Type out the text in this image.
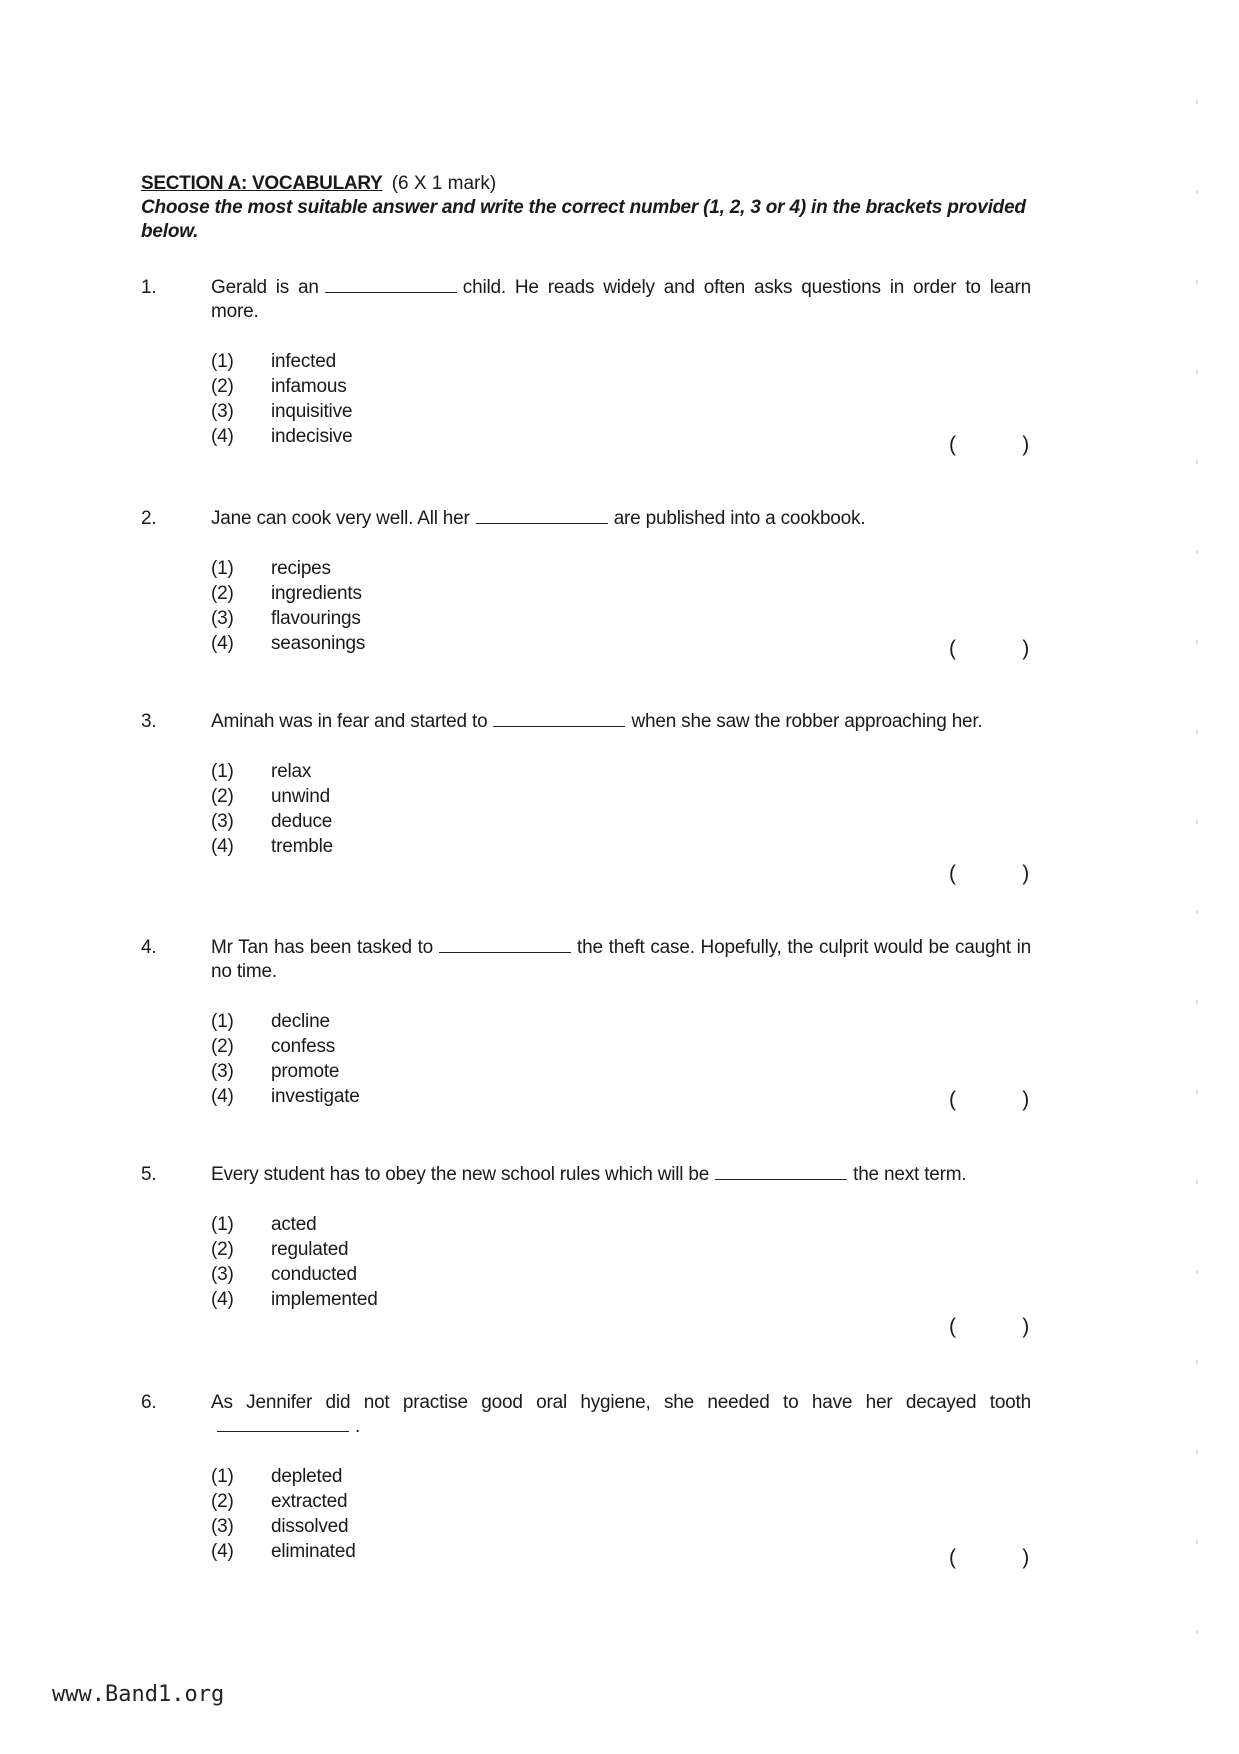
SECTION A: VOCABULARY (6 X 1 mark)
Choose the most suitable answer and write the correct number (1, 2, 3 or 4) in the brackets provided below.
1.	Gerald is an	child. He reads widely and often asks questions in order to learn more.
(1) infected
(2) infamous
(3) inquisitive
(4) indecisive	(	)
2.	Jane can cook very well. All her	are published into a cookbook.
(1) recipes
(2) ingredients
(3) flavourings
(4) seasonings	(	)
3.	Aminah was in fear and started to	when she saw the robber approaching her.
(1) relax
(2) unwind
(3) deduce
(4) tremble
(	)
4.	Mr Tan has been tasked to	the theft case. Hopefully, the culprit would be caught in no time.
(1) decline
(2) confess
(3) promote
(4) investigate	(	)
5.	Every student has to obey the new school rules which will be	the next term.
(1) acted
(2) regulated
(3) conducted
(4) implemented
(	)
6.	As Jennifer did not practise good oral hygiene, she needed to have her decayed tooth.
(1) depleted
(2) extracted
(3) dissolved
(4) eliminated	(	)
www.Band1.org
